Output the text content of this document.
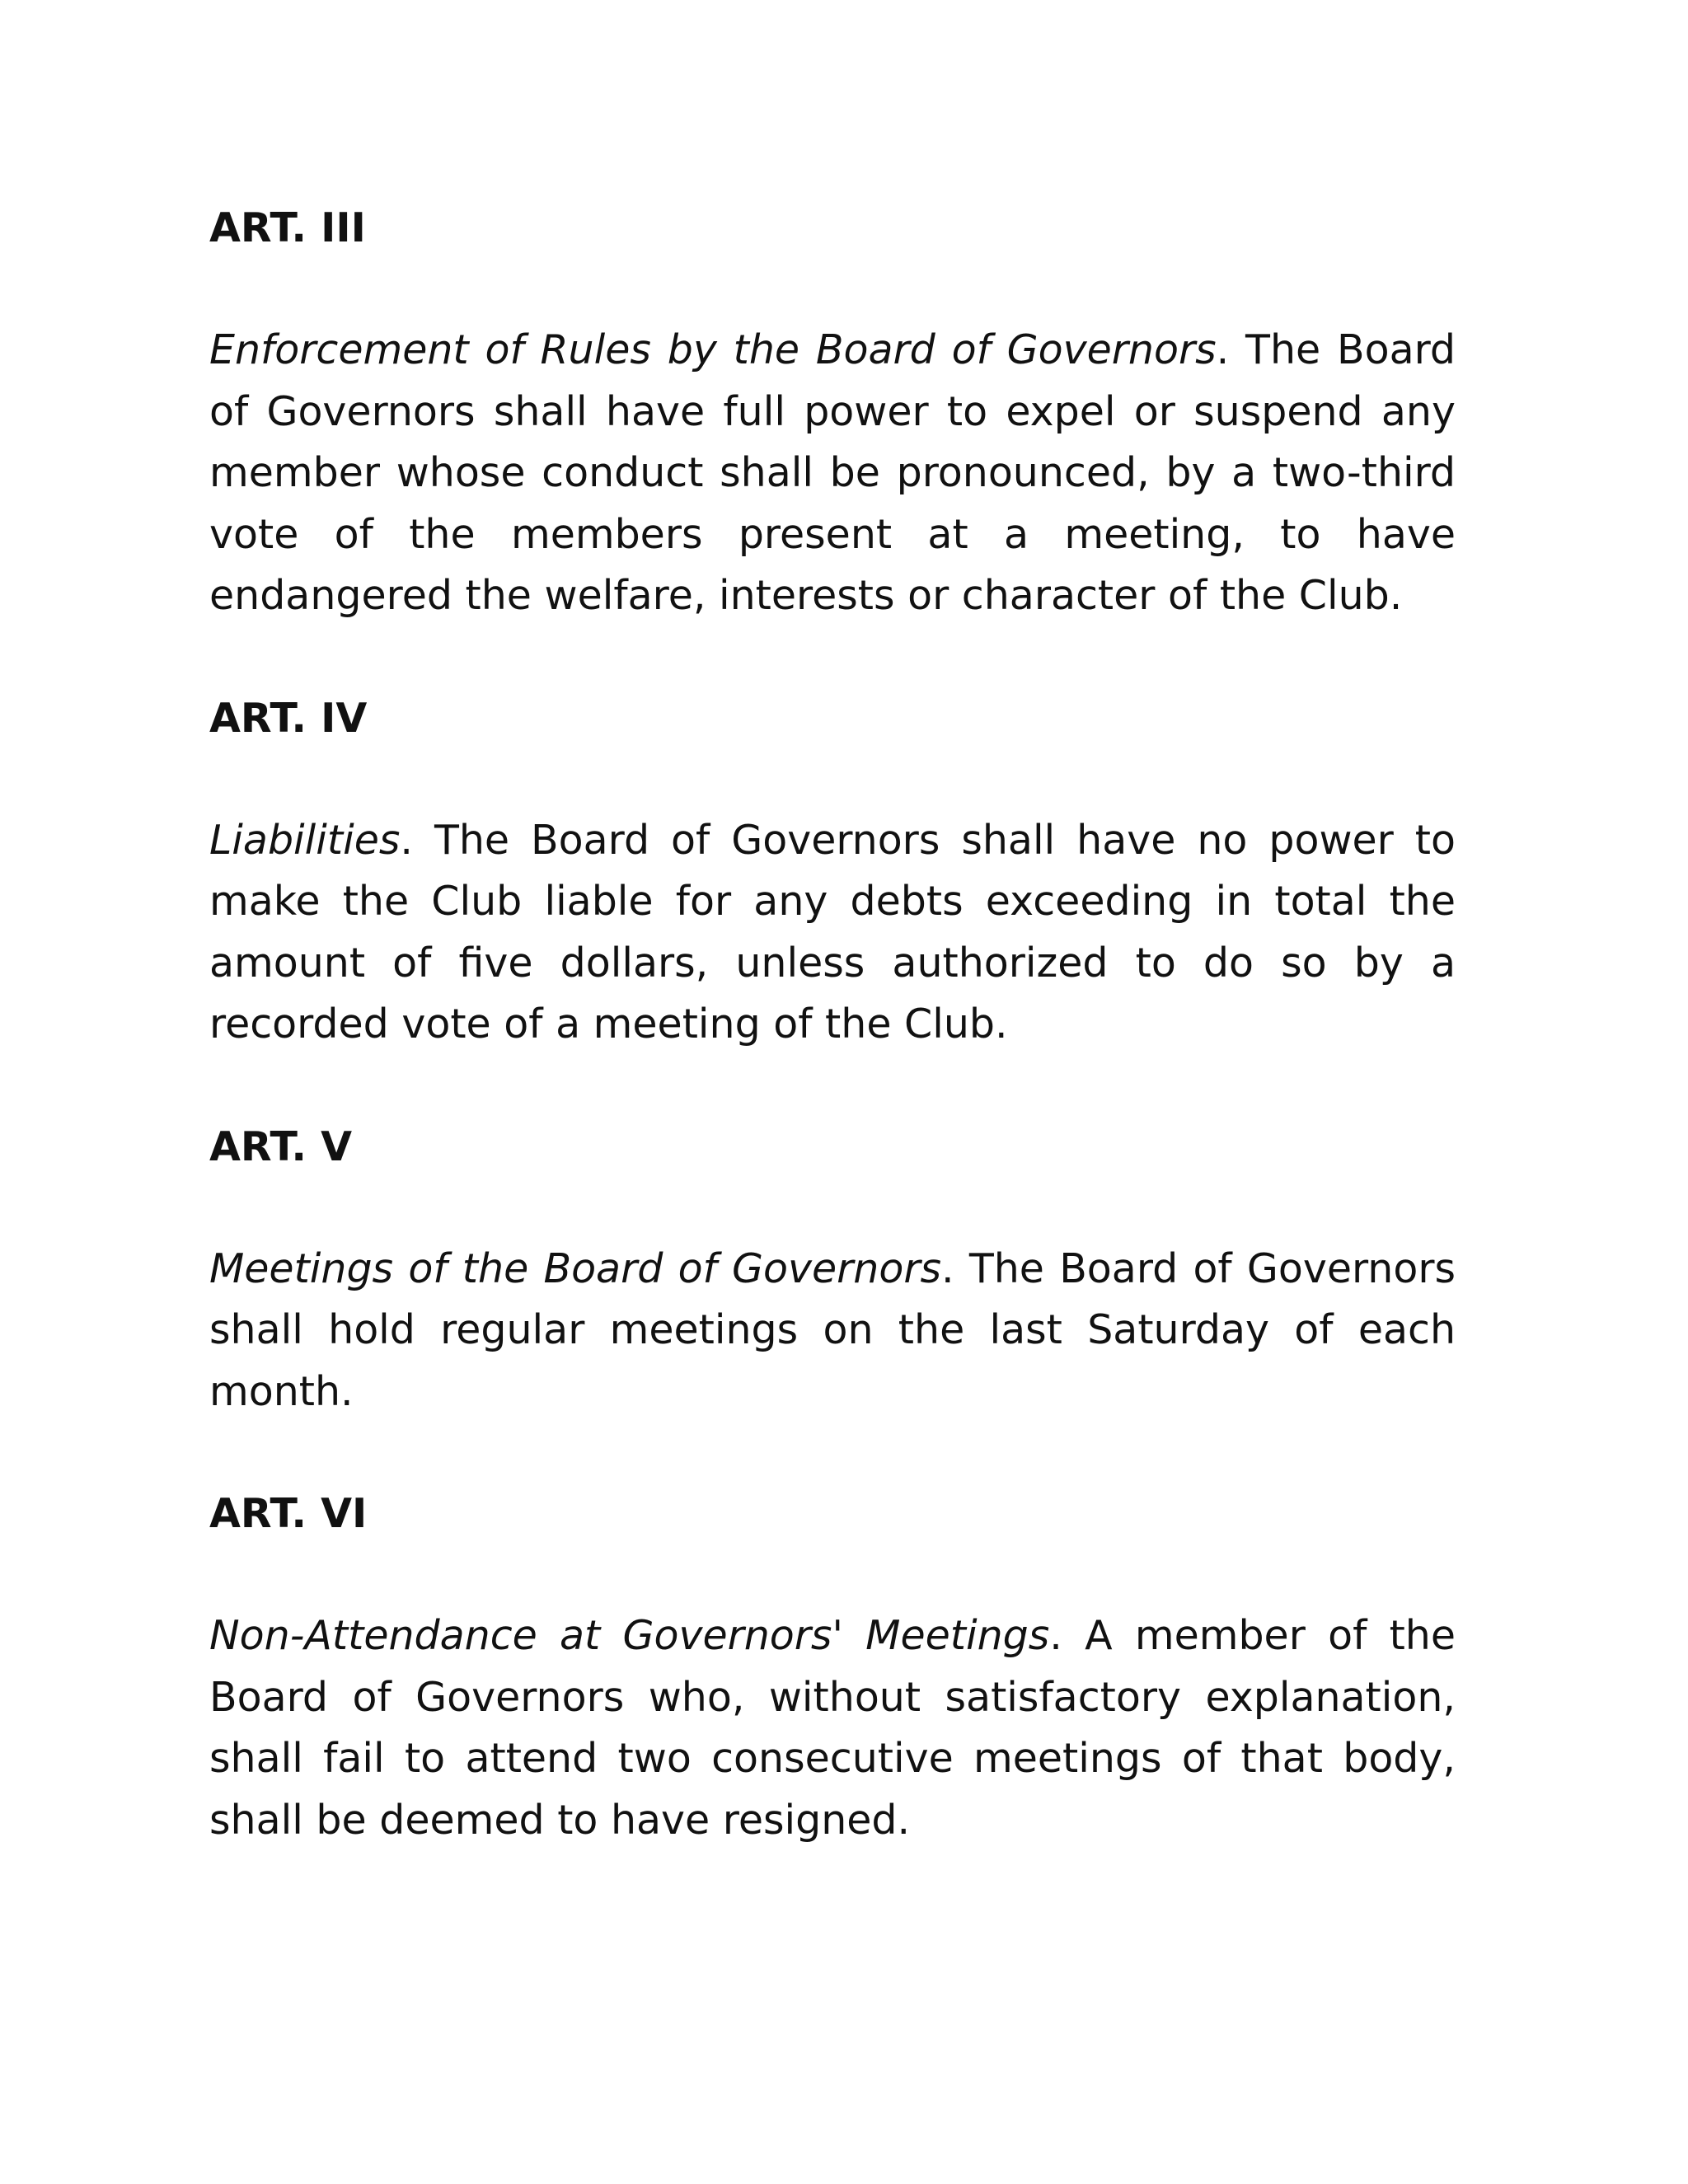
ART. III

Enforcement of Rules by the Board of Governors. The Board of Governors shall have full power to expel or suspend any member whose conduct shall be pronounced, by a two-third vote of the members present at a meeting, to have endangered the welfare, interests or character of the Club.

ART. IV

Liabilities. The Board of Governors shall have no power to make the Club liable for any debts exceeding in total the amount of five dollars, unless authorized to do so by a recorded vote of a meeting of the Club.

ART. V

Meetings of the Board of Governors. The Board of Governors shall hold regular meetings on the last Saturday of each month.

ART. VI

Non-Attendance at Governors' Meetings. A member of the Board of Governors who, without satisfactory explanation, shall fail to attend two consecutive meetings of that body, shall be deemed to have resigned.
